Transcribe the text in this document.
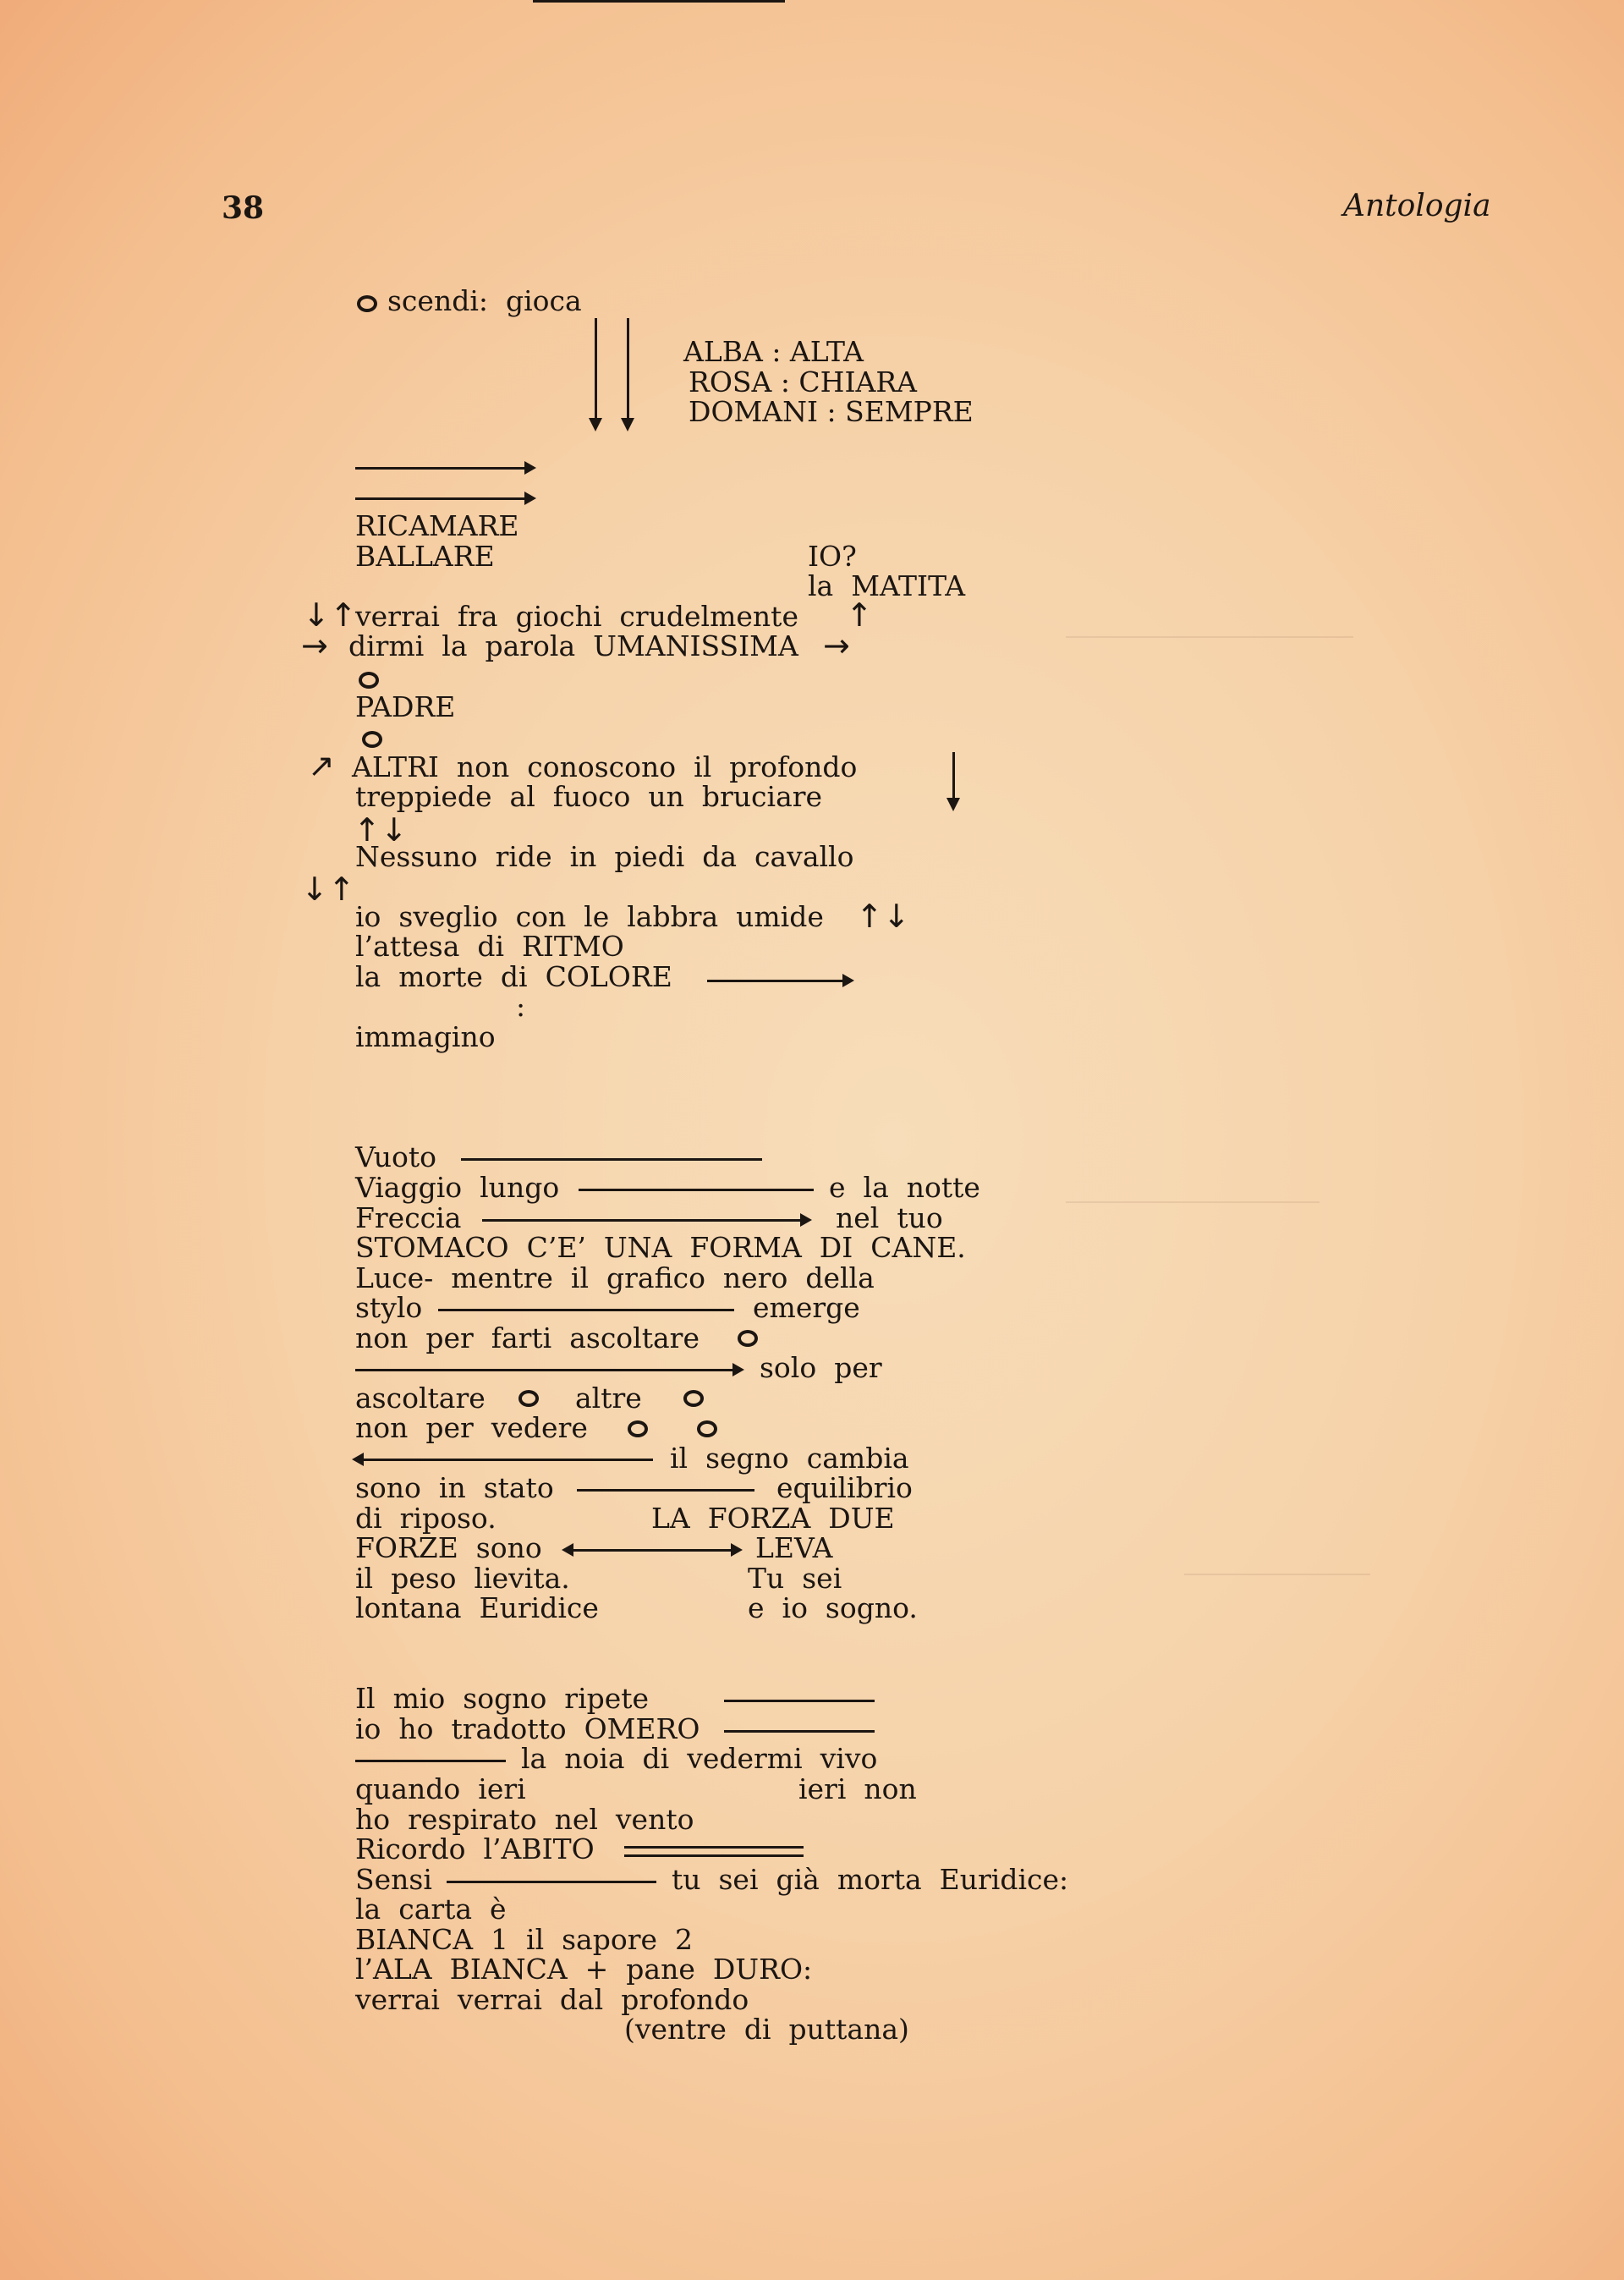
38	Antologia
scendi:  gioca
ALBA : ALTA
ROSA : CHIARA
DOMANI : SEMPRE
RICAMARE
BALLARE	IO?
la  MATITA
↓↑
verrai  fra  giochi  crudelmente ↑
→ dirmi  la  parola  UMANISSIMA →
PADRE
↗ ALTRI  non  conoscono  il  profondo
treppiede  al  fuoco  un  bruciare
↑↓
Nessuno  ride  in  piedi  da  cavallo
↓↑
io  sveglio  con  le  labbra  umide ↑↓
l’attesa  di  RITMO
la  morte  di  COLORE
:
immagino
Vuoto
Viaggio  lungo	e  la  notte
Freccia	nel  tuo
STOMACO  C’E’  UNA  FORMA  DI  CANE.
Luce-  mentre  il  grafico  nero  della
stylo	emerge
non  per  farti  ascoltare
solo  per
ascoltare	altre
non  per  vedere
il  segno  cambia
sono  in  stato	equilibrio
di  riposo.	LA  FORZA  DUE
FORZE  sono	LEVA
il  peso  lievita.	Tu  sei
lontana  Euridice	e  io  sogno.
Il  mio  sogno  ripete
io  ho  tradotto  OMERO
la  noia  di  vedermi  vivo
quando  ieri	ieri  non
ho  respirato  nel  vento
Ricordo  l’ABITO
Sensi	tu  sei  già  morta  Euridice:
la  carta  è
BIANCA  1  il  sapore  2
l’ALA  BIANCA  +  pane  DURO:
verrai  verrai  dal  profondo
(ventre  di  puttana)
